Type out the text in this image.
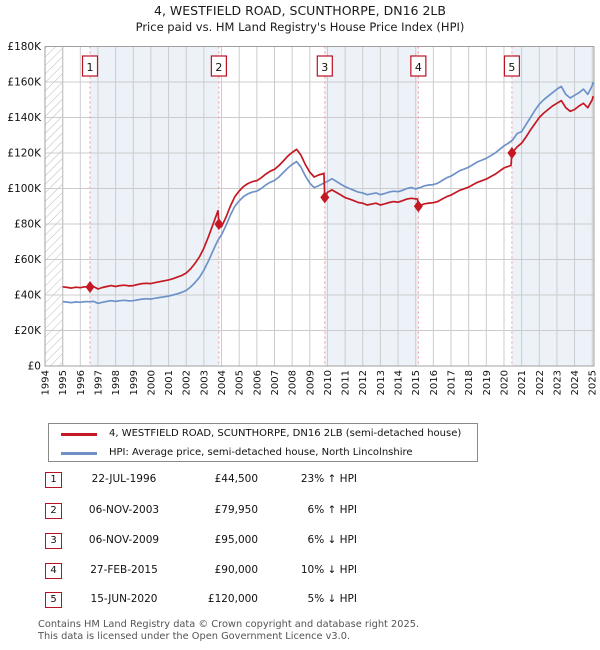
4, WESTFIELD ROAD, SCUNTHORPE, DN16 2LB
Price paid vs. HM Land Registry's House Price Index (HPI)
1	2	3	4	5
£0
£20K
£40K
£60K
£80K
£100K
£120K
£140K
£160K
£180K
1994 1995 1996 1997 1998 1999 2000 2001 2002 2003 2004 2005 2006 2007 2008 2009 2010 2011 2012 2013 2014 2015 2016 2017 2018 2019 2020 2021 2022 2023 2024 2025
4, WESTFIELD ROAD, SCUNTHORPE, DN16 2LB (semi-detached house)
HPI: Average price, semi-detached house, North Lincolnshire
1	22-JUL-1996	£44,500	23% ↑ HPI
2	06-NOV-2003	£79,950	6% ↑ HPI
3	06-NOV-2009	£95,000	6% ↓ HPI
4	27-FEB-2015	£90,000	10% ↓ HPI
5	15-JUN-2020	£120,000	5% ↓ HPI
Contains HM Land Registry data © Crown copyright and database right 2025.
This data is licensed under the Open Government Licence v3.0.
